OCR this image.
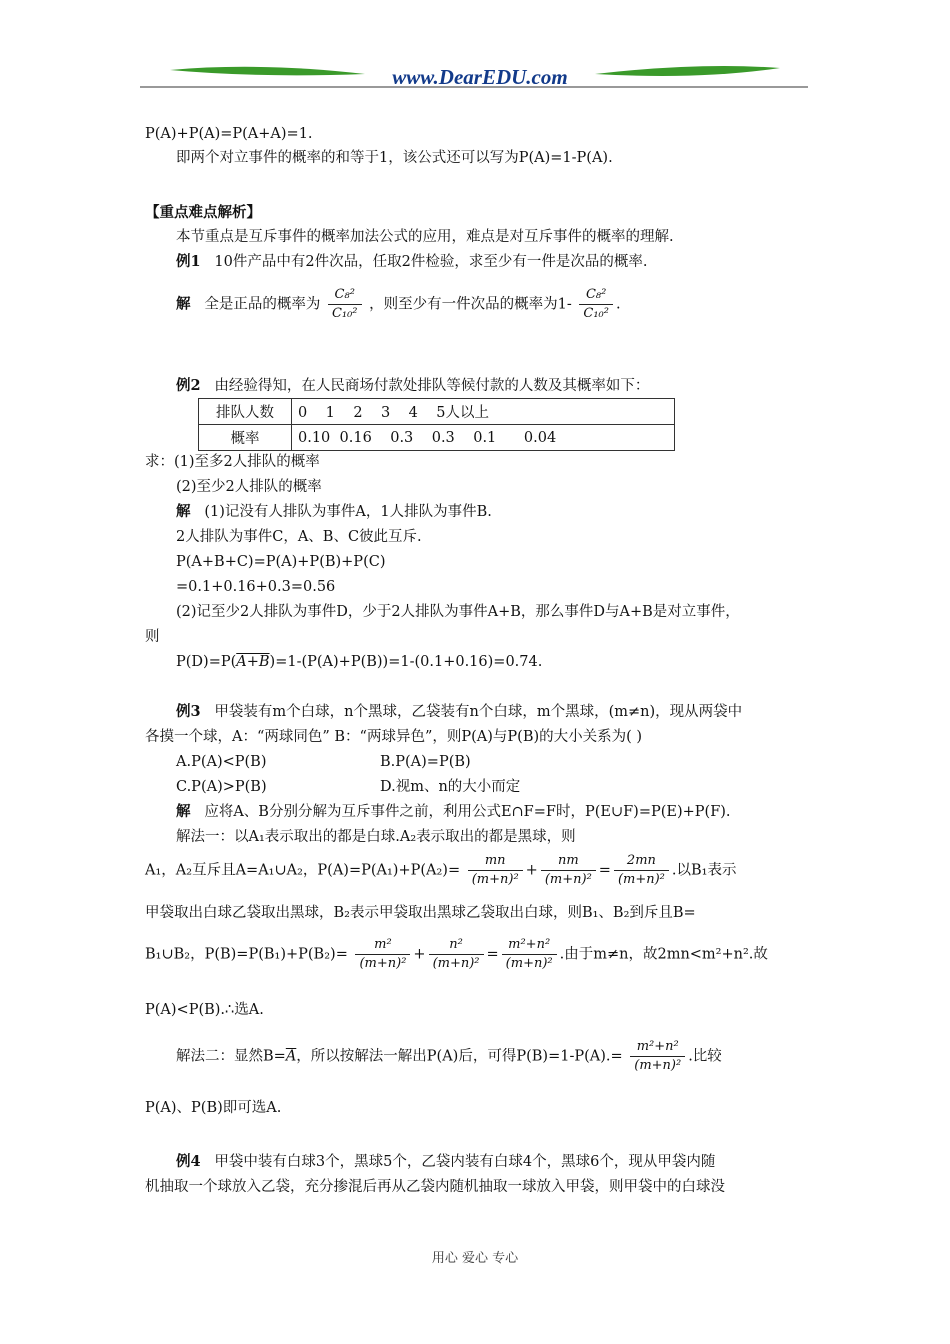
www.DearEDU.com
P(A)+P(A)=P(A+A)=1.
即两个对立事件的概率的和等于1，该公式还可以写为P(A)=1-P(A).
【重点难点解析】
本节重点是互斥事件的概率加法公式的应用，难点是对互斥事件的概率的理解.
例1 10件产品中有2件次品，任取2件检验，求至少有一件是次品的概率.
解 全是正品的概率为 $\frac{\text{C₈²}}{\text{C₁₀²}}$ ，则至少有一件次品的概率为$1- \frac{\text{C₈²}}{\text{C₁₀²}}$ .
例2 由经验得知，在人民商场付款处排队等候付款的人数及其概率如下：
排队人数	0    1    2    3    4    5人以上
概率	0.10  0.16    0.3    0.3    0.1      0.04
求：(1)至多2人排队的概率
(2)至少2人排队的概率
解 (1)记没有人排队为事件A，1人排队为事件B.
2人排队为事件C，A、B、C彼此互斥.
P(A+B+C)=P(A)+P(B)+P(C)
=0.1+0.16+0.3=0.56
(2)记至少2人排队为事件D，少于2人排队为事件A+B，那么事件D与A+B是对立事件，
则
P(D)=P(A+B)=1-(P(A)+P(B))=1-(0.1+0.16)=0.74.
例3 甲袋装有m个白球，n个黑球，乙袋装有n个白球，m个黑球，(m≠n)，现从两袋中
各摸一个球，A：“两球同色” B：“两球异色”，则P(A)与P(B)的大小关系为( )
A.P(A)<P(B)	B.P(A)=P(B)
C.P(A)>P(B)	D.视m、n的大小而定
解 应将A、B分别分解为互斥事件之前，利用公式E∩F=F时，P(E∪F)=P(E)+P(F).
解法一：以A₁表示取出的都是白球.A₂表示取出的都是黑球，则
A₁，A₂互斥且A=A₁∪A₂，$P(A)=P(A_1)+P(A_2)= \frac{mn}{\text{(m+n)²}} + \frac{nm}{\text{(m+n)²}} = \frac{2mn}{\text{(m+n)²}}$ .以B₁表示
甲袋取出白球乙袋取出黑球，B₂表示甲袋取出黑球乙袋取出白球，则B₁、B₂到斥且B=
B₁∪B₂，$P(B)=P(B_1)+P(B_2)= \frac{\text{m²}}{\text{(m+n)²}} + \frac{\text{n²}}{\text{(m+n)²}} = \frac{\text{m²+n²}}{\text{(m+n)²}}$ .由于m≠n，故2mn<m²+n².故
P(A)<P(B).∴选A.
解法二：显然$B=\overline{A}$，所以按解法一解出P(A)后，可得$P(B)=1-P(A).= \frac{\text{m²+n²}}{\text{(m+n)²}}$ .比较
P(A)、P(B)即可选A.
例4 甲袋中装有白球3个，黑球5个，乙袋内装有白球4个，黑球6个，现从甲袋内随
机抽取一个球放入乙袋，充分掺混后再从乙袋内随机抽取一球放入甲袋，则甲袋中的白球没
用心 爱心 专心
